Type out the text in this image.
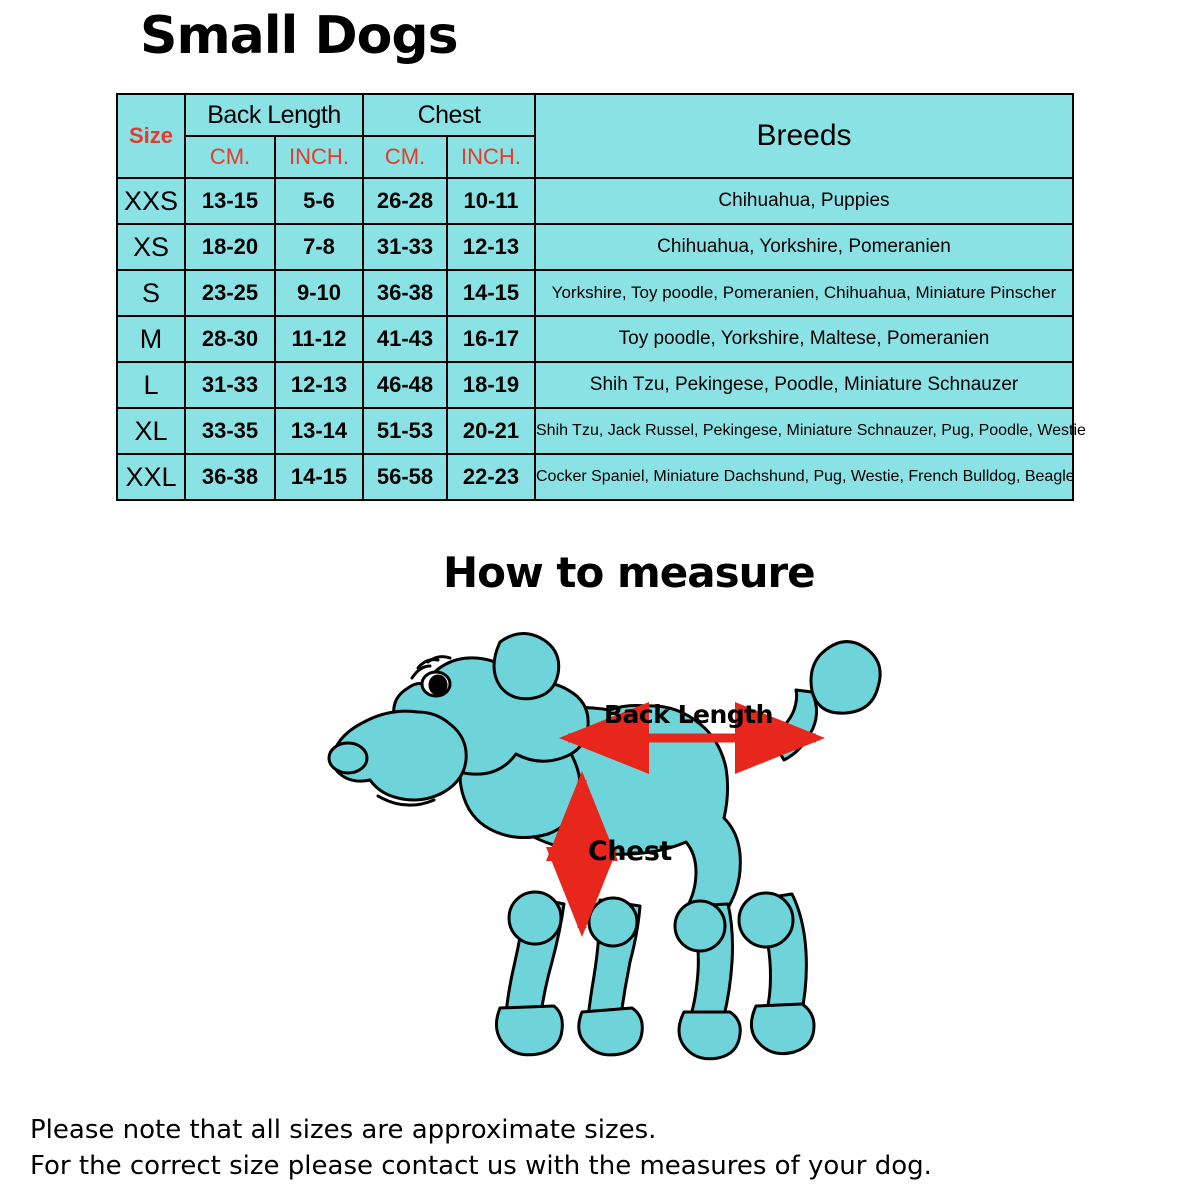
Small Dogs
Size	Back Length		Chest		Breeds
	CM.	INCH.	CM.	INCH.	
XXS	13-15	5-6	26-28	10-11	Chihuahua, Puppies
XS	18-20	7-8	31-33	12-13	Chihuahua, Yorkshire, Pomeranien
S	23-25	9-10	36-38	14-15	Yorkshire, Toy poodle, Pomeranien, Chihuahua, Miniature Pinscher
M	28-30	11-12	41-43	16-17	Toy poodle, Yorkshire, Maltese, Pomeranien
L	31-33	12-13	46-48	18-19	Shih Tzu, Pekingese, Poodle, Miniature Schnauzer
XL	33-35	13-14	51-53	20-21	Shih Tzu, Jack Russel, Pekingese, Miniature Schnauzer, Pug, Poodle, Westie
XXL	36-38	14-15	56-58	22-23	Cocker Spaniel, Miniature Dachshund, Pug, Westie, French Bulldog, Beagle
How to measure
Back Length
Chest
Please note that all sizes are approximate sizes.
For the correct size please contact us with the measures of your dog.
